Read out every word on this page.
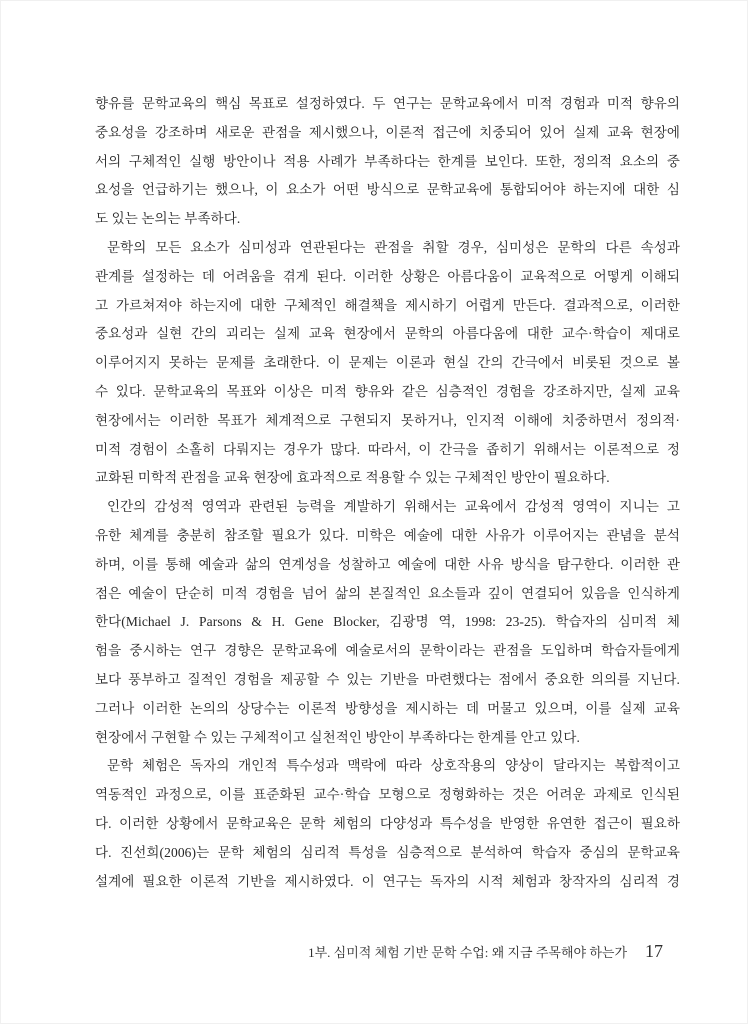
향유를 문학교육의 핵심 목표로 설정하였다. 두 연구는 문학교육에서 미적 경험과 미적 향유의
중요성을 강조하며 새로운 관점을 제시했으나, 이론적 접근에 치중되어 있어 실제 교육 현장에
서의 구체적인 실행 방안이나 적용 사례가 부족하다는 한계를 보인다. 또한, 정의적 요소의 중
요성을 언급하기는 했으나, 이 요소가 어떤 방식으로 문학교육에 통합되어야 하는지에 대한 심
도 있는 논의는 부족하다.

문학의 모든 요소가 심미성과 연관된다는 관점을 취할 경우, 심미성은 문학의 다른 속성과
관계를 설정하는 데 어려움을 겪게 된다. 이러한 상황은 아름다움이 교육적으로 어떻게 이해되
고 가르쳐져야 하는지에 대한 구체적인 해결책을 제시하기 어렵게 만든다. 결과적으로, 이러한
중요성과 실현 간의 괴리는 실제 교육 현장에서 문학의 아름다움에 대한 교수·학습이 제대로
이루어지지 못하는 문제를 초래한다. 이 문제는 이론과 현실 간의 간극에서 비롯된 것으로 볼
수 있다. 문학교육의 목표와 이상은 미적 향유와 같은 심층적인 경험을 강조하지만, 실제 교육
현장에서는 이러한 목표가 체계적으로 구현되지 못하거나, 인지적 이해에 치중하면서 정의적·
미적 경험이 소홀히 다뤄지는 경우가 많다. 따라서, 이 간극을 좁히기 위해서는 이론적으로 정
교화된 미학적 관점을 교육 현장에 효과적으로 적용할 수 있는 구체적인 방안이 필요하다.

인간의 감성적 영역과 관련된 능력을 계발하기 위해서는 교육에서 감성적 영역이 지니는 고
유한 체계를 충분히 참조할 필요가 있다. 미학은 예술에 대한 사유가 이루어지는 관념을 분석
하며, 이를 통해 예술과 삶의 연계성을 성찰하고 예술에 대한 사유 방식을 탐구한다. 이러한 관
점은 예술이 단순히 미적 경험을 넘어 삶의 본질적인 요소들과 깊이 연결되어 있음을 인식하게
한다(Michael J. Parsons & H. Gene Blocker, 김광명 역, 1998: 23-25). 학습자의 심미적 체
험을 중시하는 연구 경향은 문학교육에 예술로서의 문학이라는 관점을 도입하며 학습자들에게
보다 풍부하고 질적인 경험을 제공할 수 있는 기반을 마련했다는 점에서 중요한 의의를 지닌다.
그러나 이러한 논의의 상당수는 이론적 방향성을 제시하는 데 머물고 있으며, 이를 실제 교육
현장에서 구현할 수 있는 구체적이고 실천적인 방안이 부족하다는 한계를 안고 있다.

문학 체험은 독자의 개인적 특수성과 맥락에 따라 상호작용의 양상이 달라지는 복합적이고
역동적인 과정으로, 이를 표준화된 교수·학습 모형으로 정형화하는 것은 어려운 과제로 인식된
다. 이러한 상황에서 문학교육은 문학 체험의 다양성과 특수성을 반영한 유연한 접근이 필요하
다. 진선희(2006)는 문학 체험의 심리적 특성을 심층적으로 분석하여 학습자 중심의 문학교육
설계에 필요한 이론적 기반을 제시하였다. 이 연구는 독자의 시적 체험과 창작자의 심리적 경

1부. 심미적 체험 기반 문학 수업: 왜 지금 주목해야 하는가 17
